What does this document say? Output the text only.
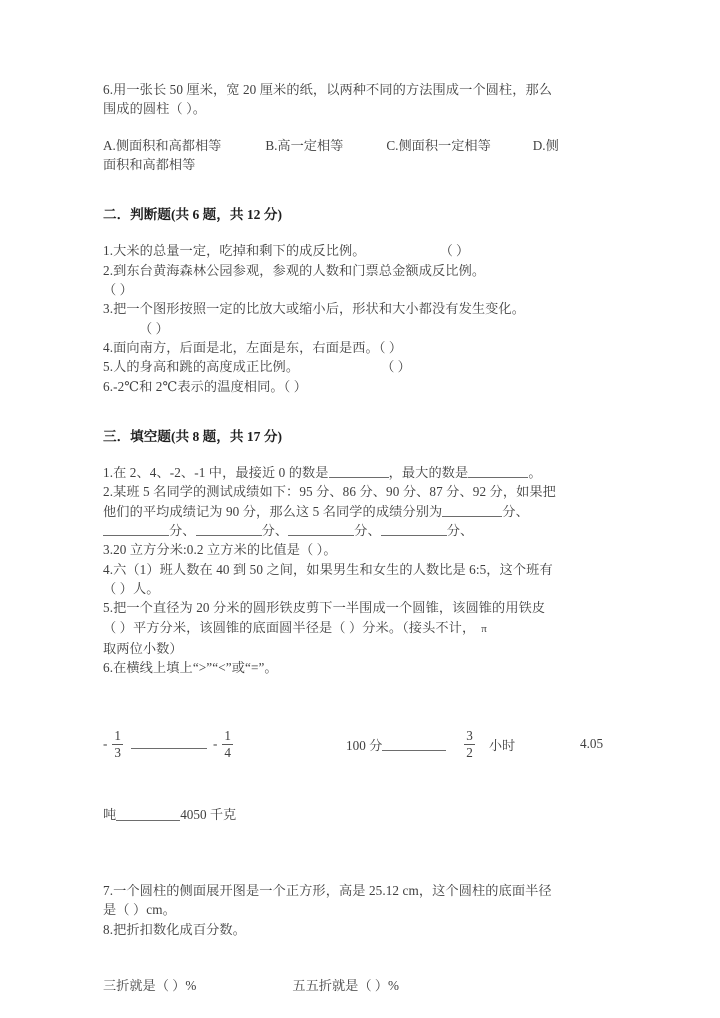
6.用一张长 50 厘米，宽 20 厘米的纸，以两种不同的方法围成一个圆柱，那么

围成的圆柱（ ）。

A.侧面积和高都相等	B.高一定相等	C.侧面积一定相等	D.侧

面积和高都相等

二．判断题(共 6 题，共 12 分)

1.大米的总量一定，吃掉和剩下的成反比例。	（ ）

2.到东台黄海森林公园参观，参观的人数和门票总金额成反比例。

（ ）

3.把一个图形按照一定的比放大或缩小后，形状和大小都没有发生变化。

（ ）

4.面向南方，后面是北，左面是东，右面是西。（ ）

5.人的身高和跳的高度成正比例。	（ ）

6.-2℃和 2℃表示的温度相同。（ ）

三．填空题(共 8 题，共 17 分)

1.在 2、4、-2、-1 中，最接近 0 的数是	，最大的数是	。

2.某班 5 名同学的测试成绩如下：95 分、86 分、90 分、87 分、92 分，如果把

他们的平均成绩记为 90 分，那么这 5 名同学的成绩分别为	分、

分、	分、	分、	分、

3.20 立方分米:0.2 立方米的比值是（ ）。

4.六（1）班人数在 40 到 50 之间，如果男生和女生的人数比是 6:5，这个班有

（ ）人。

5.把一个直径为 20 分米的圆形铁皮剪下一半围成一个圆锥，该圆锥的用铁皮

（ ）平方分米，该圆锥的底面圆半径是（ ）分米。（接头不计， π

取两位小数）

6.在横线上填上“>”“<”或“=”。

- $\frac{1}{3}$	- $\frac{1}{4}$	100 分	$\frac{3}{2}$ 小时	4.05

吨	4050 千克

7.一个圆柱的侧面展开图是一个正方形，高是 25.12 cm，这个圆柱的底面半径

是（ ）cm。

8.把折扣数化成百分数。

三折就是（ ）%	五五折就是（ ）%
